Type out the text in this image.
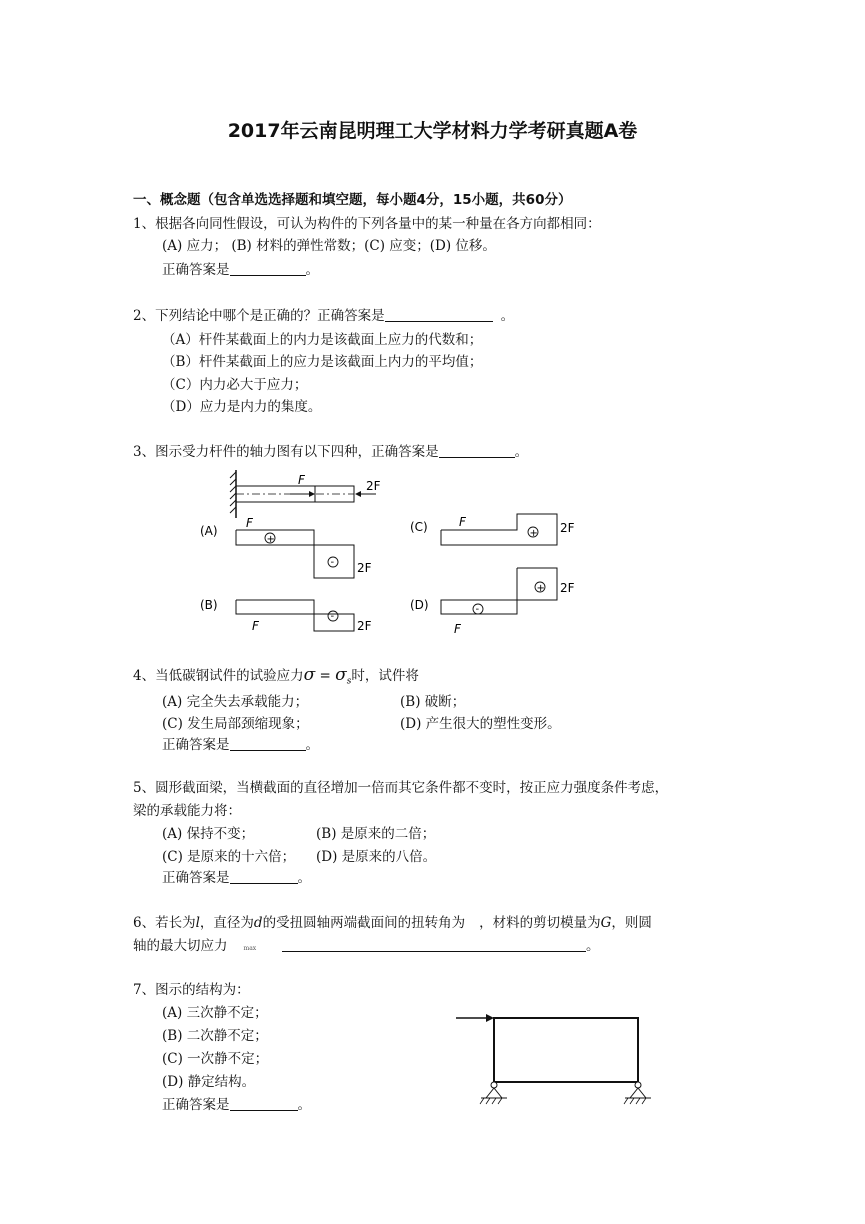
2017年云南昆明理工大学材料力学考研真题A卷
一、概念题（包含单选选择题和填空题，每小题4分，15小题，共60分）
1、根据各向同性假设，可认为构件的下列各量中的某一种量在各方向都相同：
(A) 应力； (B) 材料的弹性常数；(C) 应变；(D) 位移。
正确答案是	。
2、下列结论中哪个是正确的？正确答案是	。
（A）杆件某截面上的内力是该截面上应力的代数和；
（B）杆件某截面上的应力是该截面上内力的平均值；
（C）内力必大于应力；
（D）应力是内力的集度。
3、图示受力杆件的轴力图有以下四种，正确答案是	。
F	2F
(A)
+
-
F
2F
(B)
-
F	2F
(C)	+
F	2F
(D)
+
-
F
2F
4、当低碳钢试件的试验应力$\sigma = \sigma_s$时，试件将
(A) 完全失去承载能力；	(B) 破断；
(C) 发生局部颈缩现象；	(D) 产生很大的塑性变形。
正确答案是	。
5、圆形截面梁，当横截面的直径增加一倍而其它条件都不变时，按正应力强度条件考虑，
梁的承载能力将：
(A) 保持不变；	(B) 是原来的二倍；
(C) 是原来的十六倍； (D) 是原来的八倍。
正确答案是	。
6、若长为l，直径为d的受扭圆轴两端截面间的扭转角为 ，材料的剪切模量为G，则圆
轴的最大切应力	max	。
7、图示的结构为：
(A) 三次静不定；
(B) 二次静不定；
(C) 一次静不定；
(D) 静定结构。
正确答案是	。
